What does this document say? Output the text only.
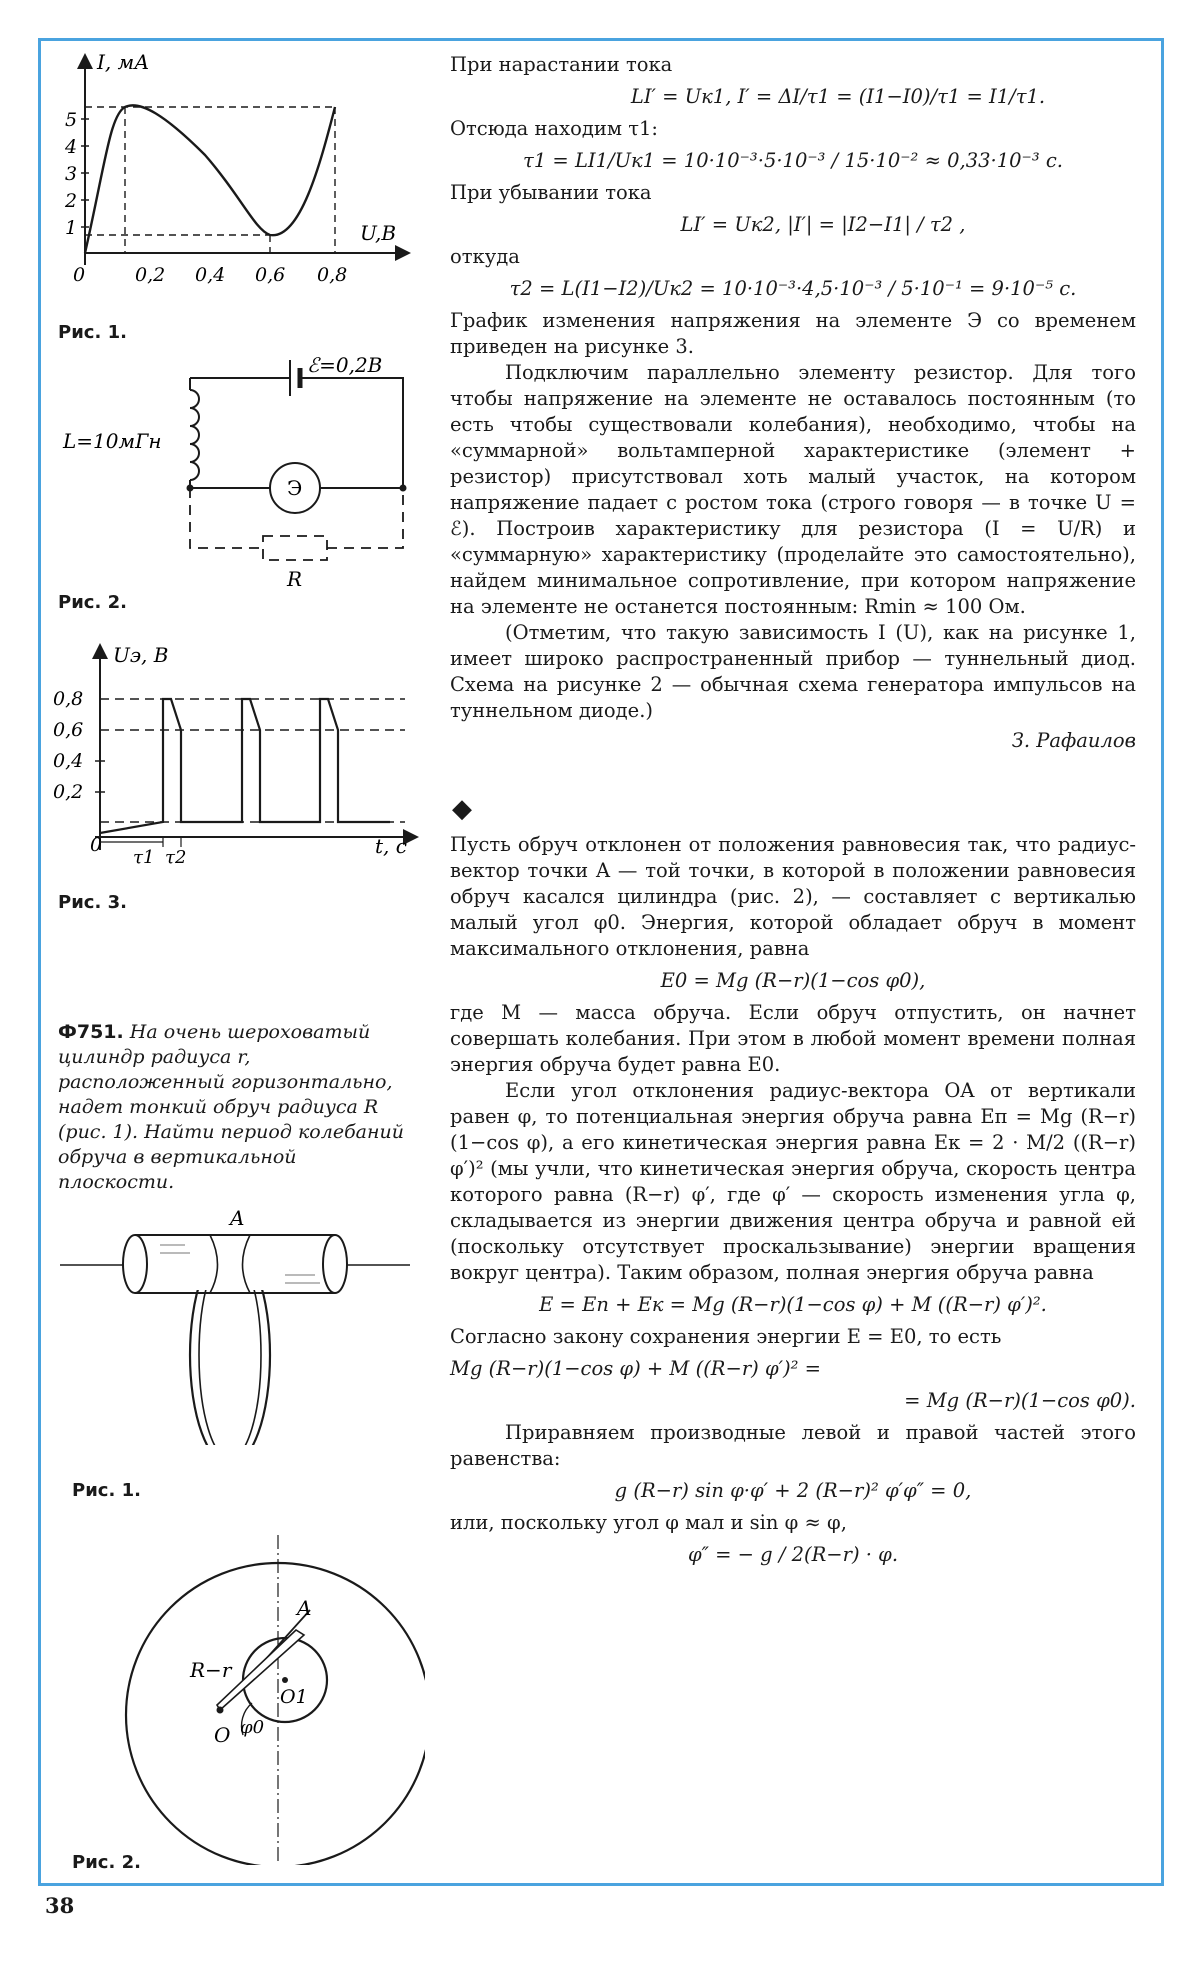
I, мА
U,В
1
2
3
4
5
0	0,2 0,4 0,6 0,8
Рис. 1.
ℰ=0,2В
L=10мГн
Э
R
Рис. 2.
Uэ, В
t, с
0
0,8
0,6
0,4
0,2
τ1 τ2
Рис. 3.
Ф751. На очень шероховатый цилиндр радиуса r, расположенный горизонтально, надет тонкий обруч радиуса R (рис. 1). Найти период колебаний обруча в вертикальной плоскости.
A
Рис. 1.
A
O1
O
R−r
φ0
Рис. 2.

При нарастании тока

LI′ = Uк1, I′ = ΔI/τ1 = (I1−I0)/τ1 = I1/τ1.

Отсюда находим τ1:

τ1 = LI1/Uк1 = 10·10⁻³·5·10⁻³ / 15·10⁻² ≈ 0,33·10⁻³ с.

При убывании тока

LI′ = Uк2, |I′| = |I2−I1| / τ2 ,

откуда

τ2 = L(I1−I2)/Uк2 = 10·10⁻³·4,5·10⁻³ / 5·10⁻¹ = 9·10⁻⁵ с.

График изменения напряжения на элементе Э со временем приведен на рисунке 3.

Подключим параллельно элементу резистор. Для того чтобы напряжение на элементе не оставалось постоянным (то есть чтобы существовали колебания), необходимо, чтобы на «суммарной» вольтамперной характеристике (элемент + резистор) присутствовал хоть малый участок, на котором напряжение падает с ростом тока (строго говоря — в точке U = ℰ). Построив характеристику для резистора (I = U/R) и «суммарную» характеристику (проделайте это самостоятельно), найдем минимальное сопротивление, при котором напряжение на элементе не останется постоянным: Rmin ≈ 100 Ом.

(Отметим, что такую зависимость I (U), как на рисунке 1, имеет широко распространенный прибор — туннельный диод. Схема на рисунке 2 — обычная схема генератора импульсов на туннельном диоде.)

З. Рафаилов
◆

Пусть обруч отклонен от положения равновесия так, что радиус-вектор точки A — той точки, в которой в положении равновесия обруч касался цилиндра (рис. 2), — составляет с вертикалью малый угол φ0. Энергия, которой обладает обруч в момент максимального отклонения, равна

E0 = Mg (R−r)(1−cos φ0),

где M — масса обруча. Если обруч отпустить, он начнет совершать колебания. При этом в любой момент времени полная энергия обруча будет равна E0.

Если угол отклонения радиус-вектора OA от вертикали равен φ, то потенциальная энергия обруча равна Eп = Mg (R−r)(1−cos φ), а его кинетическая энергия равна Eк = 2 · M/2 ((R−r) φ′)² (мы учли, что кинетическая энергия обруча, скорость центра которого равна (R−r) φ′, где φ′ — скорость изменения угла φ, складывается из энергии движения центра обруча и равной ей (поскольку отсутствует проскальзывание) энергии вращения вокруг центра). Таким образом, полная энергия обруча равна

E = Eп + Eк = Mg (R−r)(1−cos φ) + M ((R−r) φ′)².

Согласно закону сохранения энергии E = E0, то есть

Mg (R−r)(1−cos φ) + M ((R−r) φ′)² =
= Mg (R−r)(1−cos φ0).

Приравняем производные левой и правой частей этого равенства:

g (R−r) sin φ·φ′ + 2 (R−r)² φ′φ″ = 0,

или, поскольку угол φ мал и sin φ ≈ φ,

φ″ = − g / 2(R−r) · φ.
38
